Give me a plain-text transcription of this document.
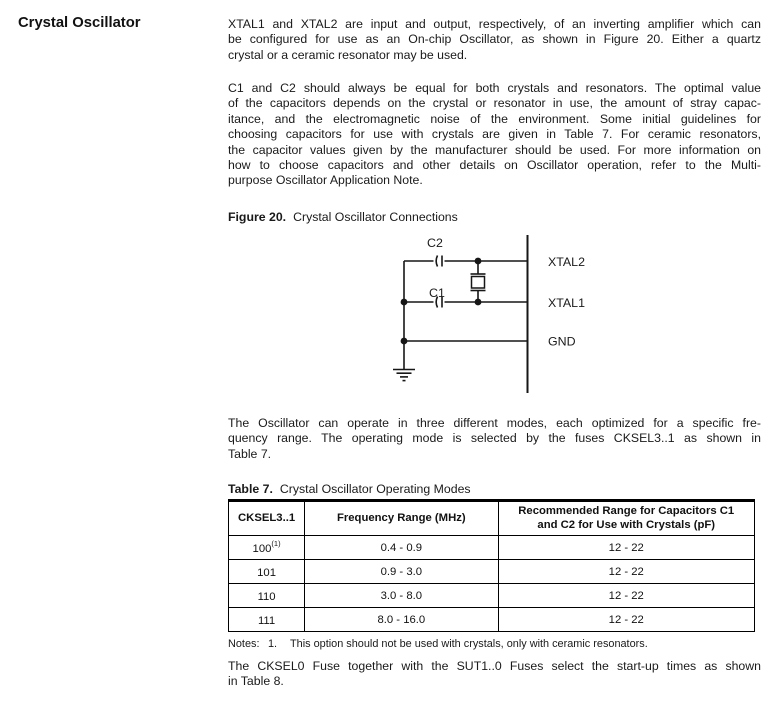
Crystal Oscillator	XTAL1 and XTAL2 are input and output, respectively, of an inverting amplifier which can
be configured for use as an On-chip Oscillator, as shown in Figure 20. Either a quartz
crystal or a ceramic resonator may be used.
C1 and C2 should always be equal for both crystals and resonators. The optimal value
of the capacitors depends on the crystal or resonator in use, the amount of stray capac-
itance, and the electromagnetic noise of the environment. Some initial guidelines for
choosing capacitors for use with crystals are given in Table 7. For ceramic resonators,
the capacitor values given by the manufacturer should be used. For more information on
how to choose capacitors and other details on Oscillator operation, refer to the Multi-
purpose Oscillator Application Note.
Figure 20. Crystal Oscillator Connections
C2
C1
XTAL2
XTAL1
GND
The Oscillator can operate in three different modes, each optimized for a specific fre-
quency range. The operating mode is selected by the fuses CKSEL3..1 as shown in
Table 7.
Table 7. Crystal Oscillator Operating Modes
CKSEL3..1	Frequency Range (MHz)	Recommended Range for Capacitors C1
and C2 for Use with Crystals (pF)

100$^{(1)}$	0.4 - 0.9	12 - 22
101	0.9 - 3.0	12 - 22
110	3.0 - 8.0	12 - 22
111	8.0 - 16.0	12 - 22
Notes: 1.	This option should not be used with crystals, only with ceramic resonators.
The CKSEL0 Fuse together with the SUT1..0 Fuses select the start-up times as shown
in Table 8.
